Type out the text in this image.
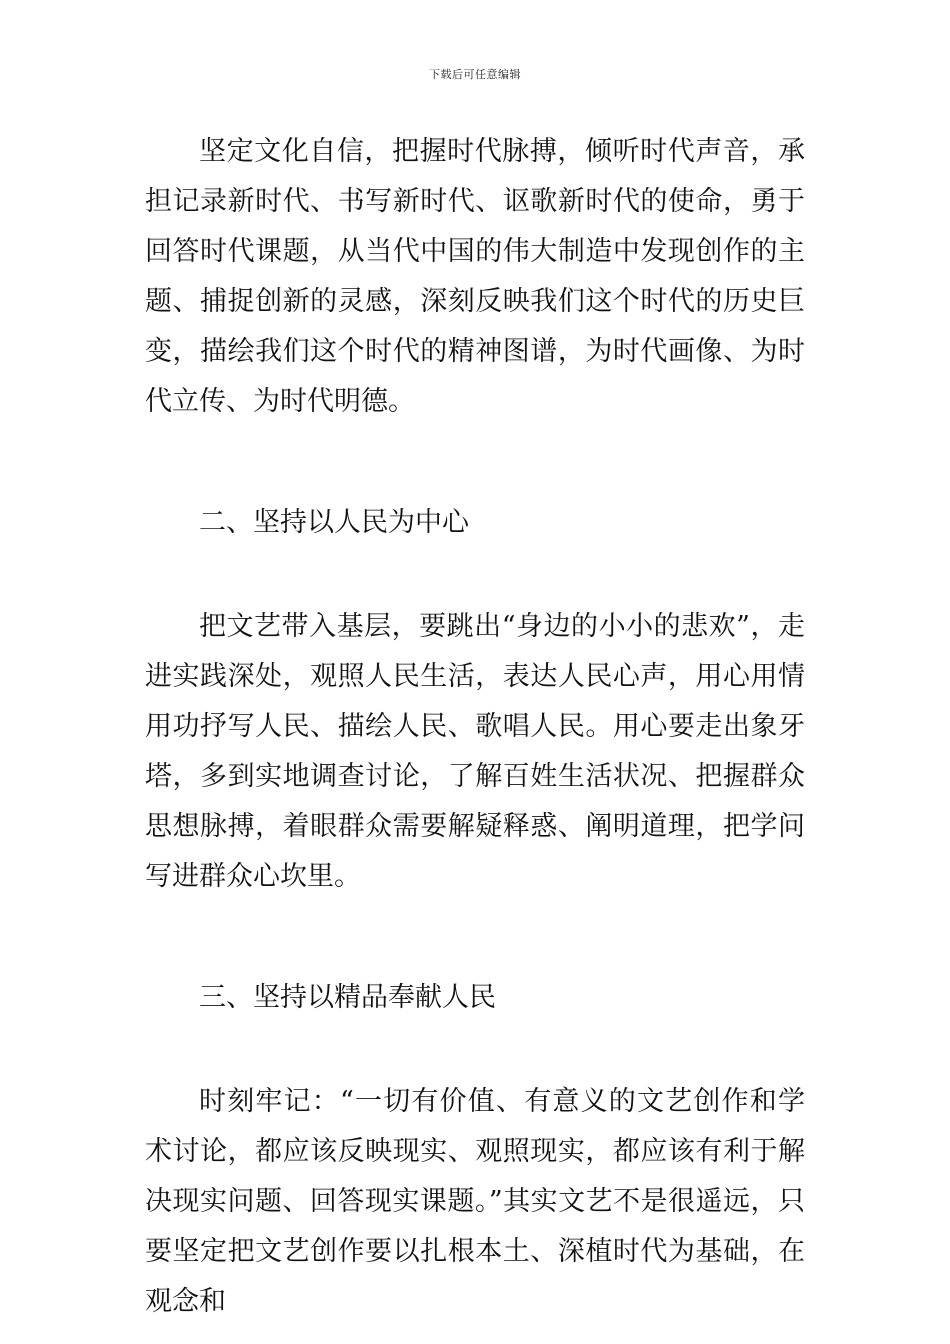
下载后可任意编辑

坚定文化自信，把握时代脉搏，倾听时代声音，承担记录新时代、书写新时代、讴歌新时代的使命，勇于回答时代课题，从当代中国的伟大制造中发现创作的主题、捕捉创新的灵感，深刻反映我们这个时代的历史巨变，描绘我们这个时代的精神图谱，为时代画像、为时代立传、为时代明德。

二、坚持以人民为中心

把文艺带入基层，要跳出“身边的小小的悲欢”，走进实践深处，观照人民生活，表达人民心声，用心用情用功抒写人民、描绘人民、歌唱人民。用心要走出象牙塔，多到实地调查讨论，了解百姓生活状况、把握群众思想脉搏，着眼群众需要解疑释惑、阐明道理，把学问写进群众心坎里。

三、坚持以精品奉献人民

时刻牢记：“一切有价值、有意义的文艺创作和学术讨论，都应该反映现实、观照现实，都应该有利于解决现实问题、回答现实课题。”其实文艺不是很遥远，只要坚定把文艺创作要以扎根本土、深植时代为基础，在观念和
